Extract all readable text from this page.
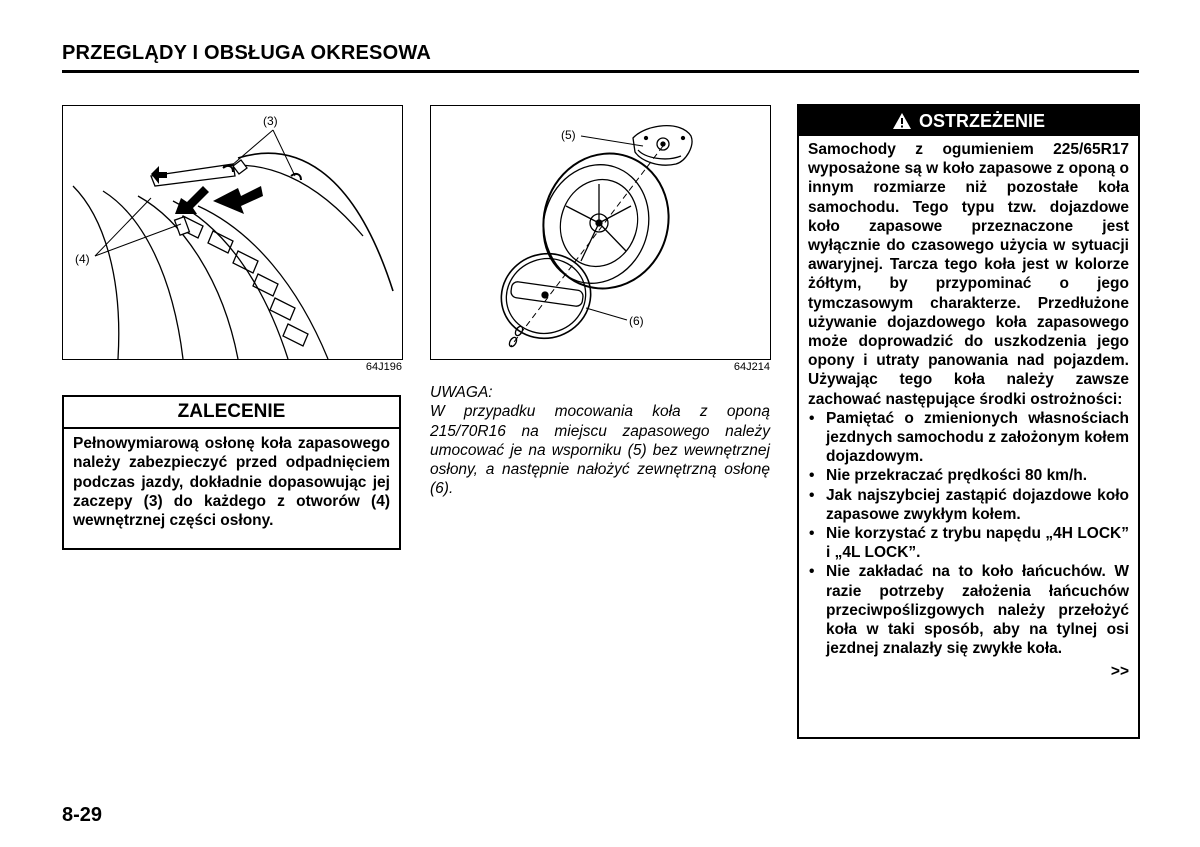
PRZEGLĄDY I OBSŁUGA OKRESOWA
(3)
(4)
64J196
(5)
(6)
64J214
ZALECENIE
Pełnowymiarową osłonę koła zapasowego należy zabezpieczyć przed odpadnięciem podczas jazdy, dokładnie dopasowując jej zaczepy (3) do każdego z otworów (4) wewnętrznej części osłony.
UWAGA:
W przypadku mocowania koła z oponą 215/70R16 na miejscu zapasowego należy umocować je na wsporniku (5) bez wewnętrznej osłony, a następnie nałożyć zewnętrzną osłonę (6).
OSTRZEŻENIE
Samochody z ogumieniem 225/65R17 wyposażone są w koło zapasowe z oponą o innym rozmiarze niż pozostałe koła samochodu. Tego typu tzw. dojazdowe koło zapasowe przeznaczone jest wyłącznie do czasowego użycia w sytuacji awaryjnej. Tarcza tego koła jest w kolorze żółtym, by przypominać o jego tymczasowym charakterze. Przedłużone używanie dojazdowego koła zapasowego może doprowadzić do uszkodzenia jego opony i utraty panowania nad pojazdem. Używając tego koła należy zawsze zachować następujące środki ostrożności:
• Pamiętać o zmienionych własnościach jezdnych samochodu z założonym kołem dojazdowym.
• Nie przekraczać prędkości 80 km/h.
• Jak najszybciej zastąpić dojazdowe koło zapasowe zwykłym kołem.
• Nie korzystać z trybu napędu „4H LOCK” i „4L LOCK”.
• Nie zakładać na to koło łańcuchów. W razie potrzeby założenia łańcuchów przeciwpoślizgowych należy przełożyć koła w taki sposób, aby na tylnej osi jezdnej znalazły się zwykłe koła.
>>
8-29
